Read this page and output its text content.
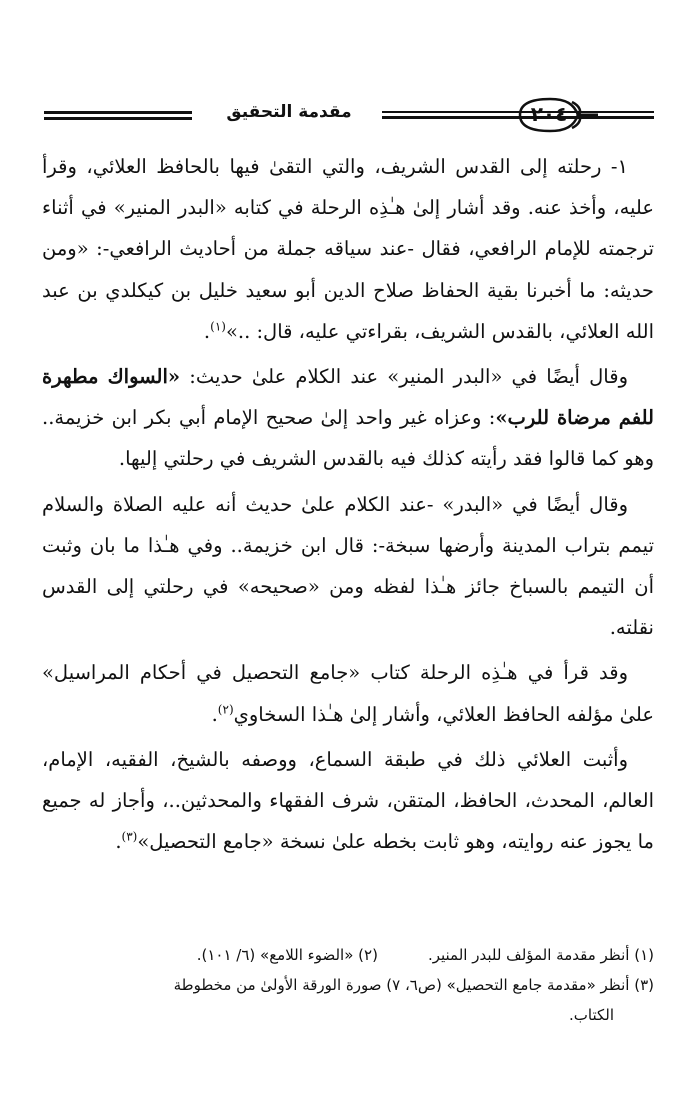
مقدمة التحقيق	٢٠٤
١- رحلته إلى القدس الشريف، والتي التقىٰ فيها بالحافظ العلائي، وقرأ عليه، وأخذ عنه. وقد أشار إلىٰ هـٰذِه الرحلة في كتابه «البدر المنير» في أثناء ترجمته للإمام الرافعي، فقال -عند سياقه جملة من أحاديث الرافعي-: «ومن حديثه: ما أخبرنا بقية الحفاظ صلاح الدين أبو سعيد خليل بن كيكلدي بن عبد الله العلائي، بالقدس الشريف، بقراءتي عليه، قال: ..»$^{(١)}$.
وقال أيضًا في «البدر المنير» عند الكلام علىٰ حديث: «السواك مطهرة للفم مرضاة للرب»: وعزاه غير واحد إلىٰ صحيح الإمام أبي بكر ابن خزيمة.. وهو كما قالوا فقد رأيته كذلك فيه بالقدس الشريف في رحلتي إليها.
وقال أيضًا في «البدر» -عند الكلام علىٰ حديث أنه عليه الصلاة والسلام تيمم بتراب المدينة وأرضها سبخة-: قال ابن خزيمة.. وفي هـٰذا ما بان وثبت أن التيمم بالسباخ جائز هـٰذا لفظه ومن «صحيحه» في رحلتي إلى القدس نقلته.
وقد قرأ في هـٰذِه الرحلة كتاب «جامع التحصيل في أحكام المراسيل» علىٰ مؤلفه الحافظ العلائي، وأشار إلىٰ هـٰذا السخاوي$^{(٢)}$.
وأثبت العلائي ذلك في طبقة السماع، ووصفه بالشيخ، الفقيه، الإمام، العالم، المحدث، الحافظ، المتقن، شرف الفقهاء والمحدثين..، وأجاز له جميع ما يجوز عنه روايته، وهو ثابت بخطه علىٰ نسخة «جامع التحصيل»$^{(٣)}$.
(١) أنظر مقدمة المؤلف للبدر المنير.
(٢) «الضوء اللامع» (٦/ ١٠١).
(٣) أنظر «مقدمة جامع التحصيل» (ص٦، ٧) صورة الورقة الأولىٰ من مخطوطة
الكتاب.
